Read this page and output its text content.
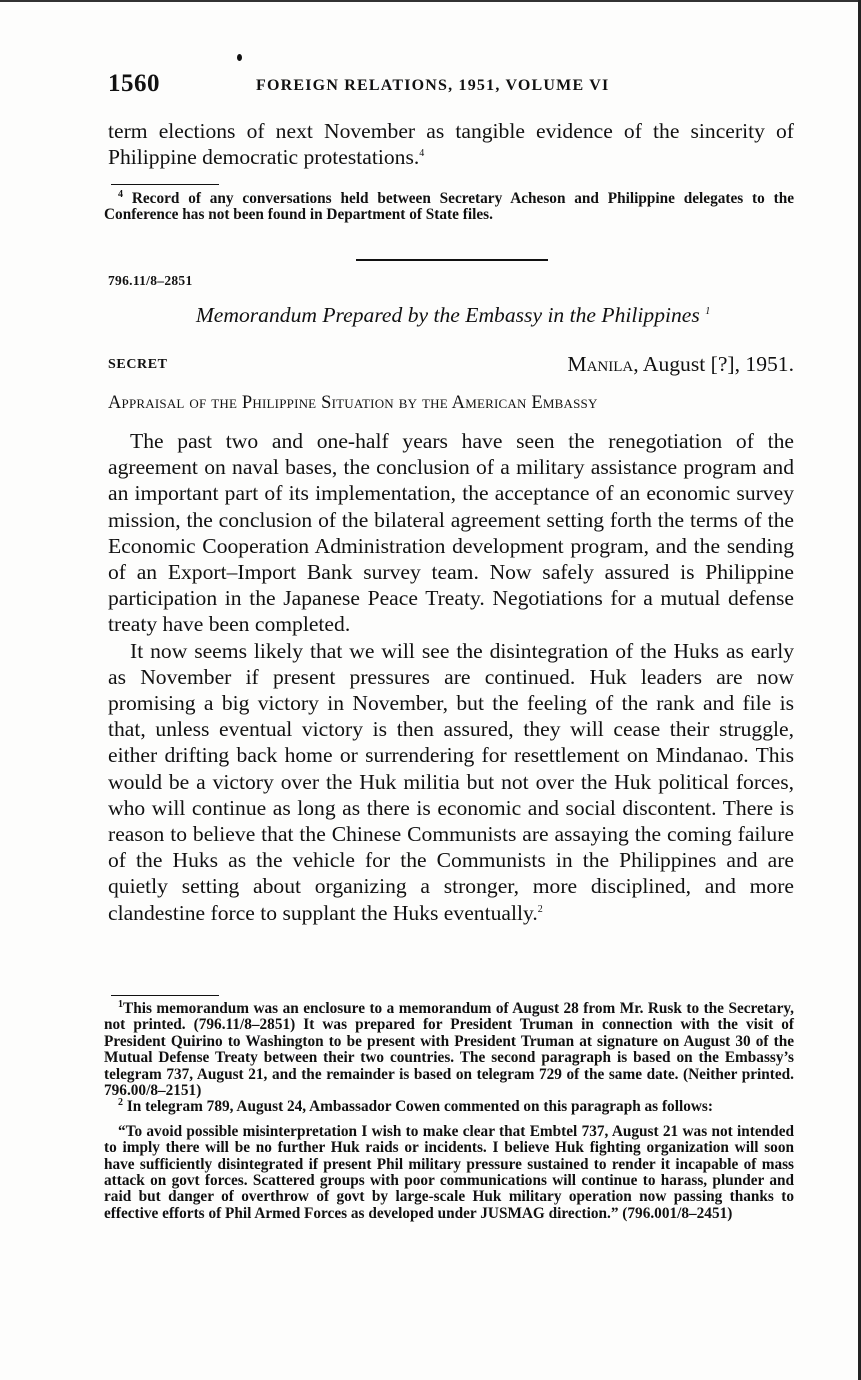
1560	FOREIGN RELATIONS, 1951, VOLUME VI

term elections of next November as tangible evidence of the sincerity of Philippine democratic protestations.$^4$

$^4$ Record of any conversations held between Secretary Acheson and Philippine delegates to the Conference has not been found in Department of State files.

796.11/8–2851
Memorandum Prepared by the Embassy in the Philippines $^1$
SECRET	Manila, August [?], 1951.
Appraisal of the Philippine Situation by the American Embassy

The past two and one-half years have seen the renegotiation of the agreement on naval bases, the conclusion of a military assistance program and an important part of its implementation, the acceptance of an economic survey mission, the conclusion of the bilateral agreement setting forth the terms of the Economic Cooperation Administration development program, and the sending of an Export–Import Bank survey team. Now safely assured is Philippine participation in the Japanese Peace Treaty. Negotiations for a mutual defense treaty have been completed.

It now seems likely that we will see the disintegration of the Huks as early as November if present pressures are continued. Huk leaders are now promising a big victory in November, but the feeling of the rank and file is that, unless eventual victory is then assured, they will cease their struggle, either drifting back home or surrendering for resettlement on Mindanao. This would be a victory over the Huk militia but not over the Huk political forces, who will continue as long as there is economic and social discontent. There is reason to believe that the Chinese Communists are assaying the coming failure of the Huks as the vehicle for the Communists in the Philippines and are quietly setting about organizing a stronger, more disciplined, and more clandestine force to supplant the Huks eventually.$^2$

$^1$This memorandum was an enclosure to a memorandum of August 28 from Mr. Rusk to the Secretary, not printed. (796.11/8–2851) It was prepared for President Truman in connection with the visit of President Quirino to Washington to be present with President Truman at signature on August 30 of the Mutual Defense Treaty between their two countries. The second paragraph is based on the Embassy’s telegram 737, August 21, and the remainder is based on telegram 729 of the same date. (Neither printed. 796.00/8–2151)

$^2$ In telegram 789, August 24, Ambassador Cowen commented on this paragraph as follows:

“To avoid possible misinterpretation I wish to make clear that Embtel 737, August 21 was not intended to imply there will be no further Huk raids or incidents. I believe Huk fighting organization will soon have sufficiently disintegrated if present Phil military pressure sustained to render it incapable of mass attack on govt forces. Scattered groups with poor communications will continue to harass, plunder and raid but danger of overthrow of govt by large-scale Huk military operation now passing thanks to effective efforts of Phil Armed Forces as developed under JUSMAG direction.” (796.001/8–2451)
